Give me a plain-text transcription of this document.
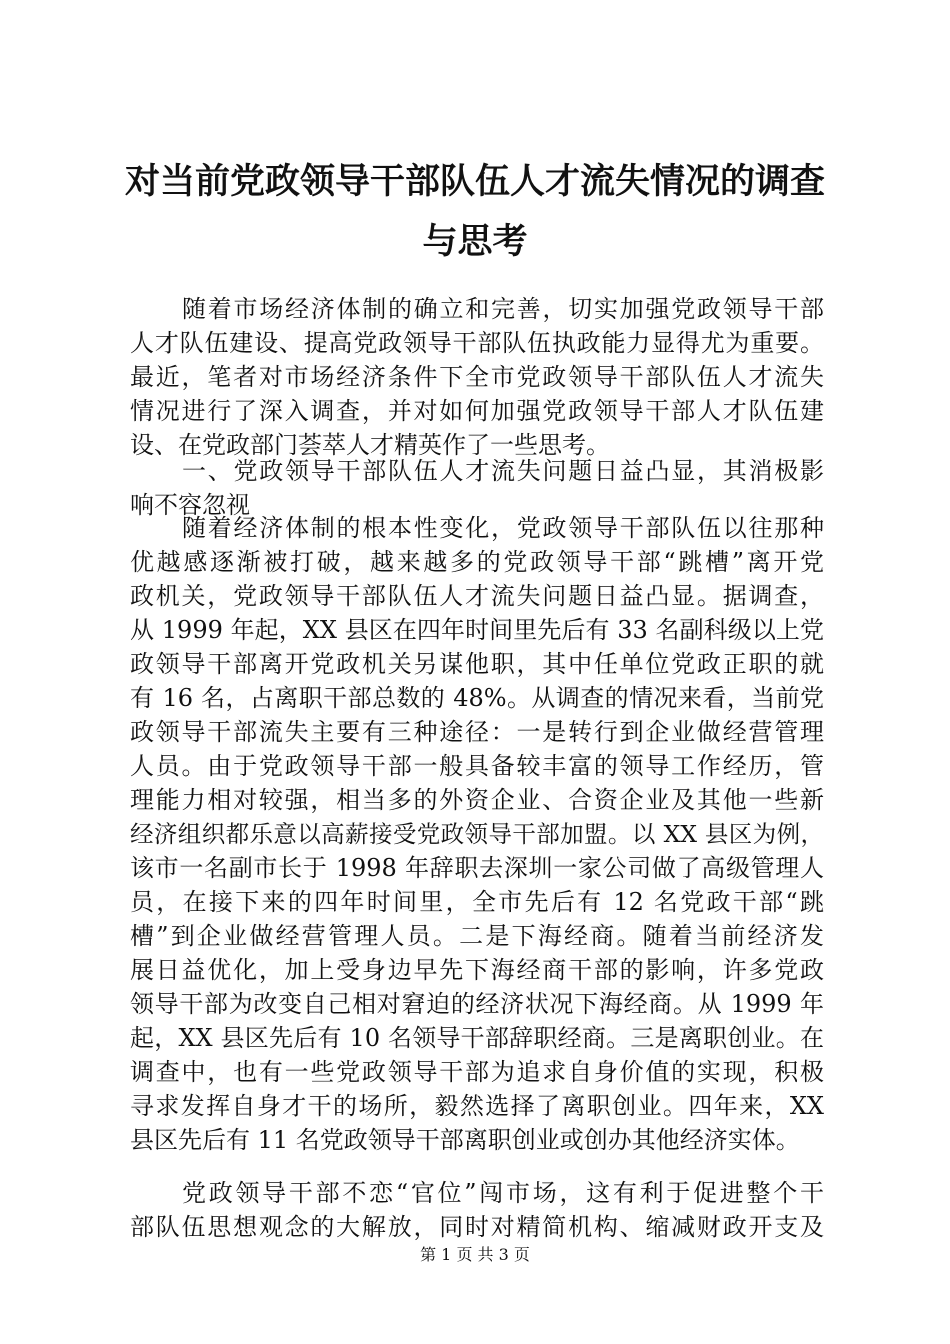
对当前党政领导干部队伍人才流失情况的调查
与思考
随着市场经济体制的确立和完善，切实加强党政领导干部
人才队伍建设、提高党政领导干部队伍执政能力显得尤为重要。
最近，笔者对市场经济条件下全市党政领导干部队伍人才流失
情况进行了深入调查，并对如何加强党政领导干部人才队伍建
设、在党政部门荟萃人才精英作了一些思考。
一、党政领导干部队伍人才流失问题日益凸显，其消极影
响不容忽视
随着经济体制的根本性变化，党政领导干部队伍以往那种
优越感逐渐被打破，越来越多的党政领导干部“跳槽”离开党
政机关，党政领导干部队伍人才流失问题日益凸显。据调查，
从 1999 年起，XX 县区在四年时间里先后有 33 名副科级以上党
政领导干部离开党政机关另谋他职，其中任单位党政正职的就
有 16 名，占离职干部总数的 48%。从调查的情况来看，当前党
政领导干部流失主要有三种途径：一是转行到企业做经营管理
人员。由于党政领导干部一般具备较丰富的领导工作经历，管
理能力相对较强，相当多的外资企业、合资企业及其他一些新
经济组织都乐意以高薪接受党政领导干部加盟。以 XX 县区为例，
该市一名副市长于 1998 年辞职去深圳一家公司做了高级管理人
员，在接下来的四年时间里，全市先后有 12 名党政干部“跳
槽”到企业做经营管理人员。二是下海经商。随着当前经济发
展日益优化，加上受身边早先下海经商干部的影响，许多党政
领导干部为改变自己相对窘迫的经济状况下海经商。从 1999 年
起，XX 县区先后有 10 名领导干部辞职经商。三是离职创业。在
调查中，也有一些党政领导干部为追求自身价值的实现，积极
寻求发挥自身才干的场所，毅然选择了离职创业。四年来，XX
县区先后有 11 名党政领导干部离职创业或创办其他经济实体。
党政领导干部不恋“官位”闯市场，这有利于促进整个干
部队伍思想观念的大解放，同时对精简机构、缩减财政开支及
第 1 页 共 3 页
